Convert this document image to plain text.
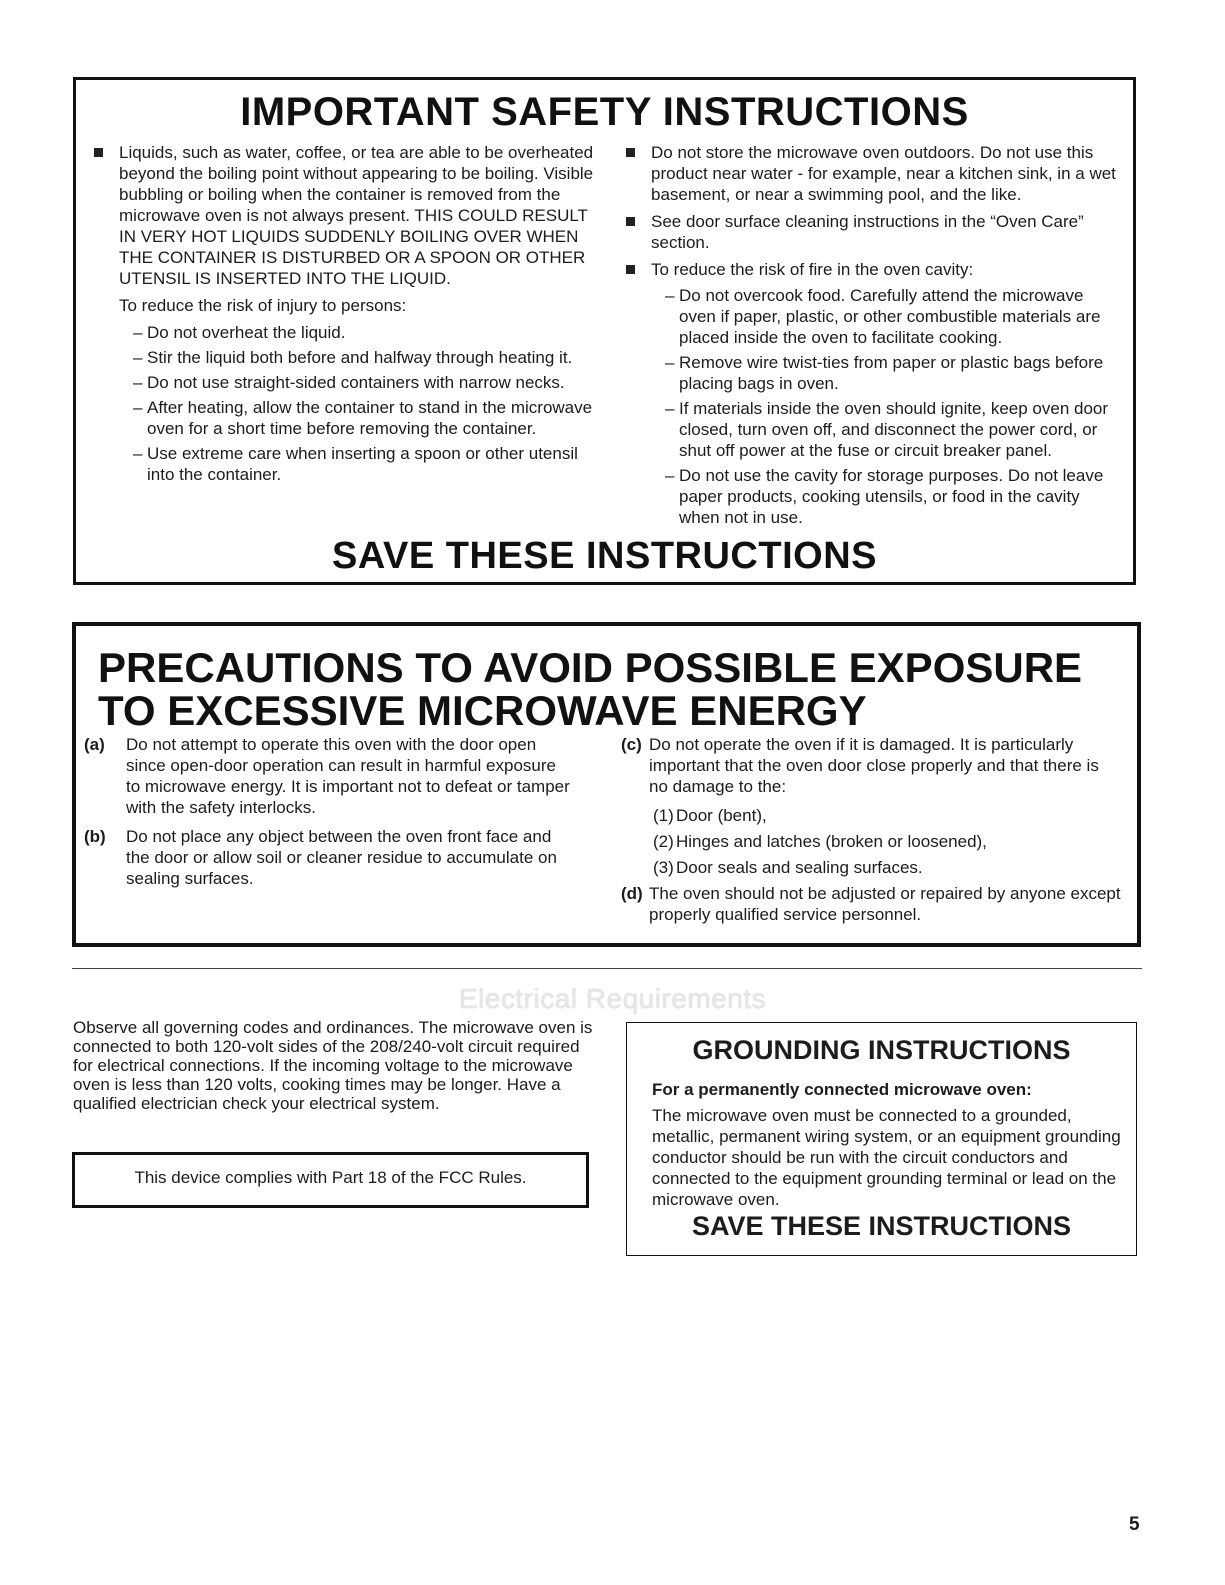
IMPORTANT SAFETY INSTRUCTIONS
Liquids, such as water, coffee, or tea are able to be overheated beyond the boiling point without appearing to be boiling. Visible bubbling or boiling when the container is removed from the microwave oven is not always present. THIS COULD RESULT IN VERY HOT LIQUIDS SUDDENLY BOILING OVER WHEN THE CONTAINER IS DISTURBED OR A SPOON OR OTHER UTENSIL IS INSERTED INTO THE LIQUID.
To reduce the risk of injury to persons:
– Do not overheat the liquid.
– Stir the liquid both before and halfway through heating it.
– Do not use straight-sided containers with narrow necks.
– After heating, allow the container to stand in the microwave oven for a short time before removing the container.
– Use extreme care when inserting a spoon or other utensil into the container.
Do not store the microwave oven outdoors. Do not use this product near water - for example, near a kitchen sink, in a wet basement, or near a swimming pool, and the like.
See door surface cleaning instructions in the “Oven Care” section.
To reduce the risk of fire in the oven cavity:
– Do not overcook food. Carefully attend the microwave oven if paper, plastic, or other combustible materials are placed inside the oven to facilitate cooking.
– Remove wire twist-ties from paper or plastic bags before placing bags in oven.
– If materials inside the oven should ignite, keep oven door closed, turn oven off, and disconnect the power cord, or shut off power at the fuse or circuit breaker panel.
– Do not use the cavity for storage purposes. Do not leave paper products, cooking utensils, or food in the cavity when not in use.
SAVE THESE INSTRUCTIONS
PRECAUTIONS TO AVOID POSSIBLE EXPOSURE TO EXCESSIVE MICROWAVE ENERGY
(a) Do not attempt to operate this oven with the door open since open-door operation can result in harmful exposure to microwave energy. It is important not to defeat or tamper with the safety interlocks.
(b) Do not place any object between the oven front face and the door or allow soil or cleaner residue to accumulate on sealing surfaces.
(c) Do not operate the oven if it is damaged. It is particularly important that the oven door close properly and that there is no damage to the:
(1) Door (bent),
(2) Hinges and latches (broken or loosened),
(3) Door seals and sealing surfaces.
(d) The oven should not be adjusted or repaired by anyone except properly qualified service personnel.
Electrical Requirements
Observe all governing codes and ordinances. The microwave oven is connected to both 120-volt sides of the 208/240-volt circuit required for electrical connections. If the incoming voltage to the microwave oven is less than 120 volts, cooking times may be longer. Have a qualified electrician check your electrical system.
This device complies with Part 18 of the FCC Rules.
GROUNDING INSTRUCTIONS
For a permanently connected microwave oven:
The microwave oven must be connected to a grounded, metallic, permanent wiring system, or an equipment grounding conductor should be run with the circuit conductors and connected to the equipment grounding terminal or lead on the microwave oven.
SAVE THESE INSTRUCTIONS
5
